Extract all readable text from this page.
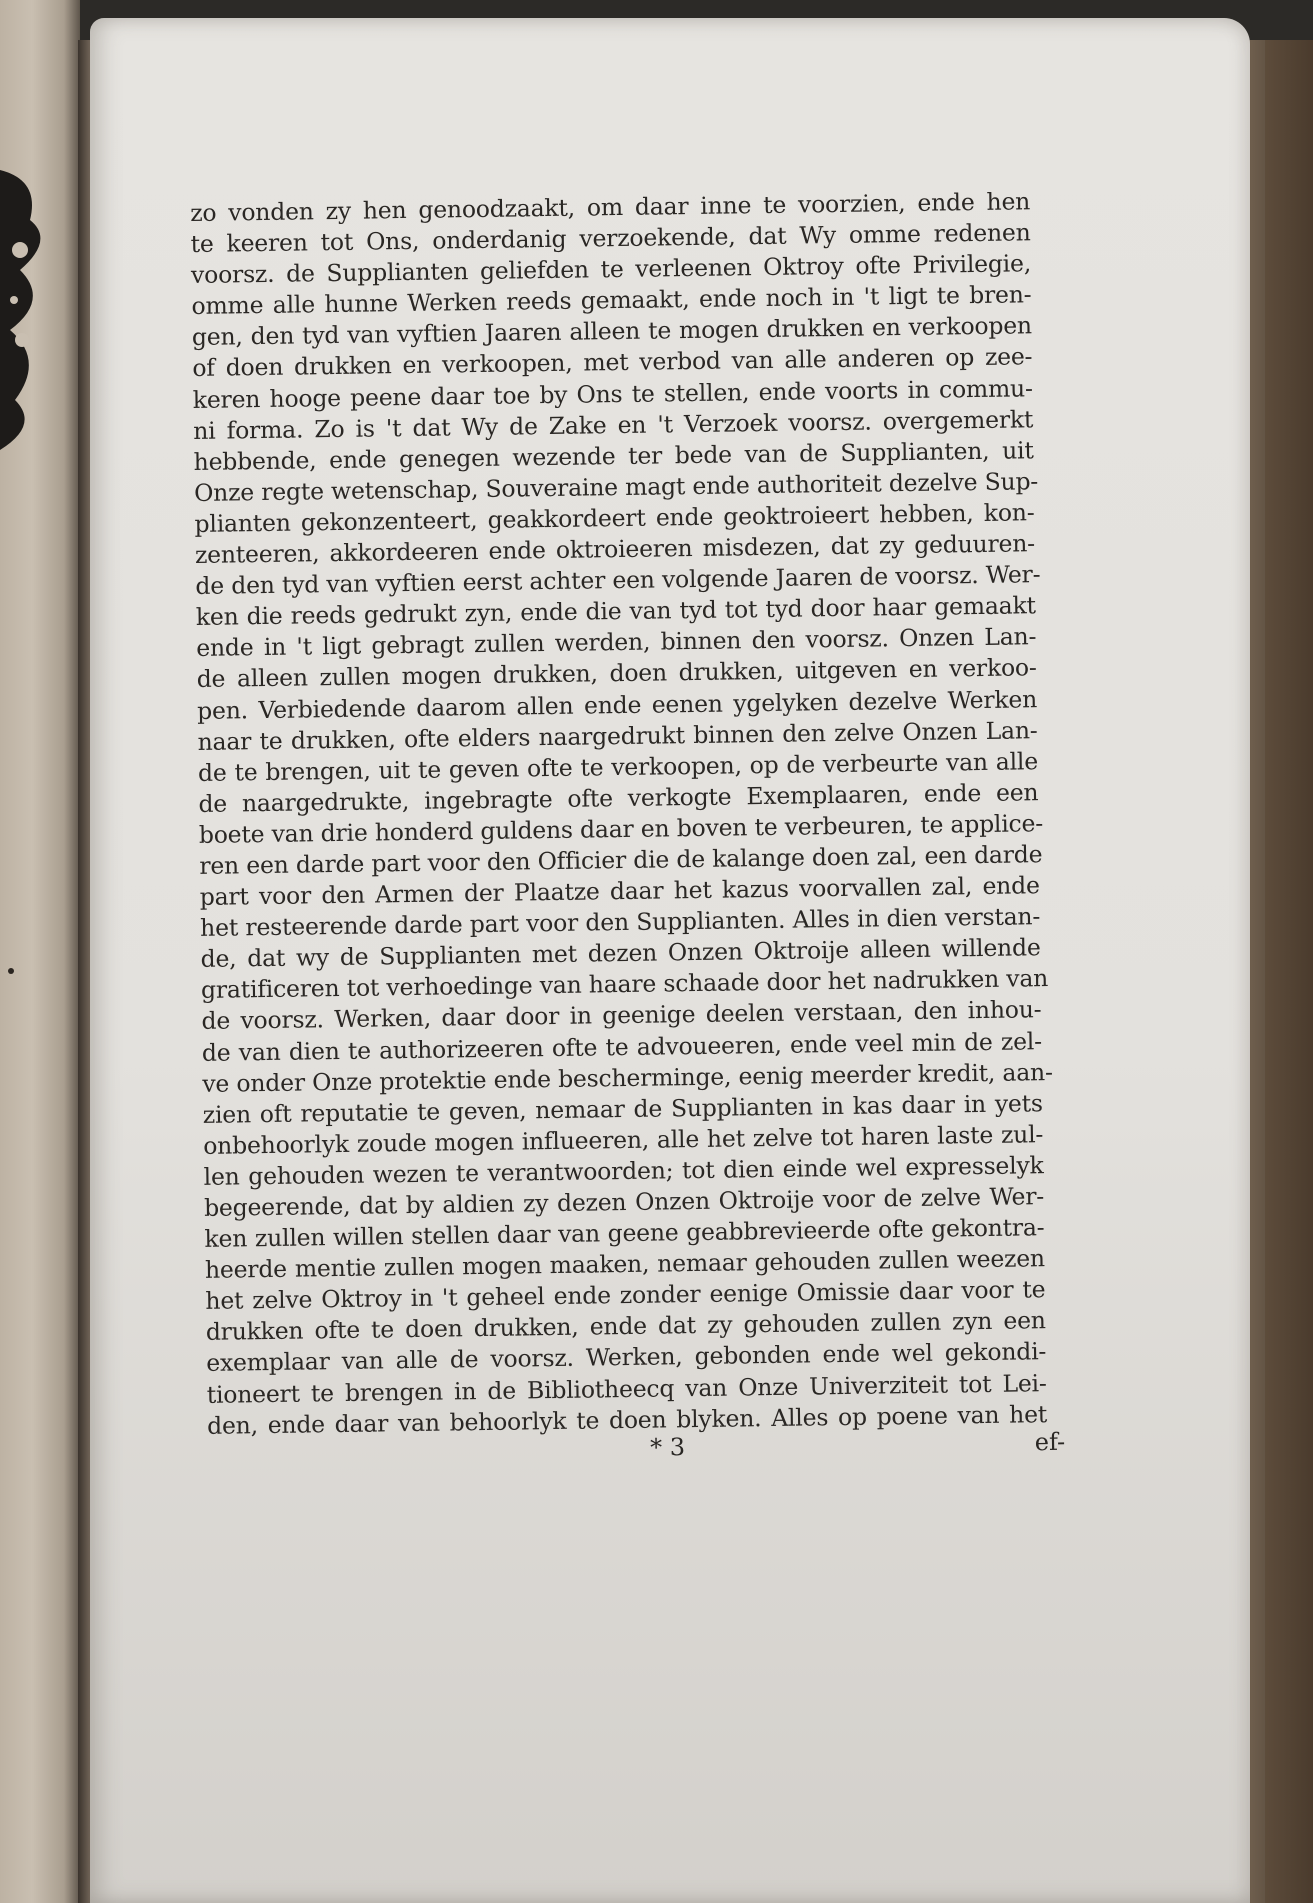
zo vonden zy hen genoodzaakt, om daar inne te voorzien, ende hen
te keeren tot Ons, onderdanig verzoekende, dat Wy omme redenen
voorsz. de Supplianten geliefden te verleenen Oktroy ofte Privilegie,
omme alle hunne Werken reeds gemaakt, ende noch in 't ligt te bren-
gen, den tyd van vyftien Jaaren alleen te mogen drukken en verkoopen
of doen drukken en verkoopen, met verbod van alle anderen op zee-
keren hooge peene daar toe by Ons te stellen, ende voorts in commu-
ni forma. Zo is 't dat Wy de Zake en 't Verzoek voorsz. overgemerkt
hebbende, ende genegen wezende ter bede van de Supplianten, uit
Onze regte wetenschap, Souveraine magt ende authoriteit dezelve Sup-
plianten gekonzenteert, geakkordeert ende geoktroieert hebben, kon-
zenteeren, akkordeeren ende oktroieeren misdezen, dat zy geduuren-
de den tyd van vyftien eerst achter een volgende Jaaren de voorsz. Wer-
ken die reeds gedrukt zyn, ende die van tyd tot tyd door haar gemaakt
ende in 't ligt gebragt zullen werden, binnen den voorsz. Onzen Lan-
de alleen zullen mogen drukken, doen drukken, uitgeven en verkoo-
pen. Verbiedende daarom allen ende eenen ygelyken dezelve Werken
naar te drukken, ofte elders naargedrukt binnen den zelve Onzen Lan-
de te brengen, uit te geven ofte te verkoopen, op de verbeurte van alle
de naargedrukte, ingebragte ofte verkogte Exemplaaren, ende een
boete van drie honderd guldens daar en boven te verbeuren, te applice-
ren een darde part voor den Officier die de kalange doen zal, een darde
part voor den Armen der Plaatze daar het kazus voorvallen zal, ende
het resteerende darde part voor den Supplianten. Alles in dien verstan-
de, dat wy de Supplianten met dezen Onzen Oktroije alleen willende
gratificeren tot verhoedinge van haare schaade door het nadrukken van
de voorsz. Werken, daar door in geenige deelen verstaan, den inhou-
de van dien te authorizeeren ofte te advoueeren, ende veel min de zel-
ve onder Onze protektie ende bescherminge, eenig meerder kredit, aan-
zien oft reputatie te geven, nemaar de Supplianten in kas daar in yets
onbehoorlyk zoude mogen influeeren, alle het zelve tot haren laste zul-
len gehouden wezen te verantwoorden; tot dien einde wel expresselyk
begeerende, dat by aldien zy dezen Onzen Oktroije voor de zelve Wer-
ken zullen willen stellen daar van geene geabbrevieerde ofte gekontra-
heerde mentie zullen mogen maaken, nemaar gehouden zullen weezen
het zelve Oktroy in 't geheel ende zonder eenige Omissie daar voor te
drukken ofte te doen drukken, ende dat zy gehouden zullen zyn een
exemplaar van alle de voorsz. Werken, gebonden ende wel gekondi-
tioneert te brengen in de Bibliotheecq van Onze Univerziteit tot Lei-
den, ende daar van behoorlyk te doen blyken. Alles op poene van het
* 3	ef-
